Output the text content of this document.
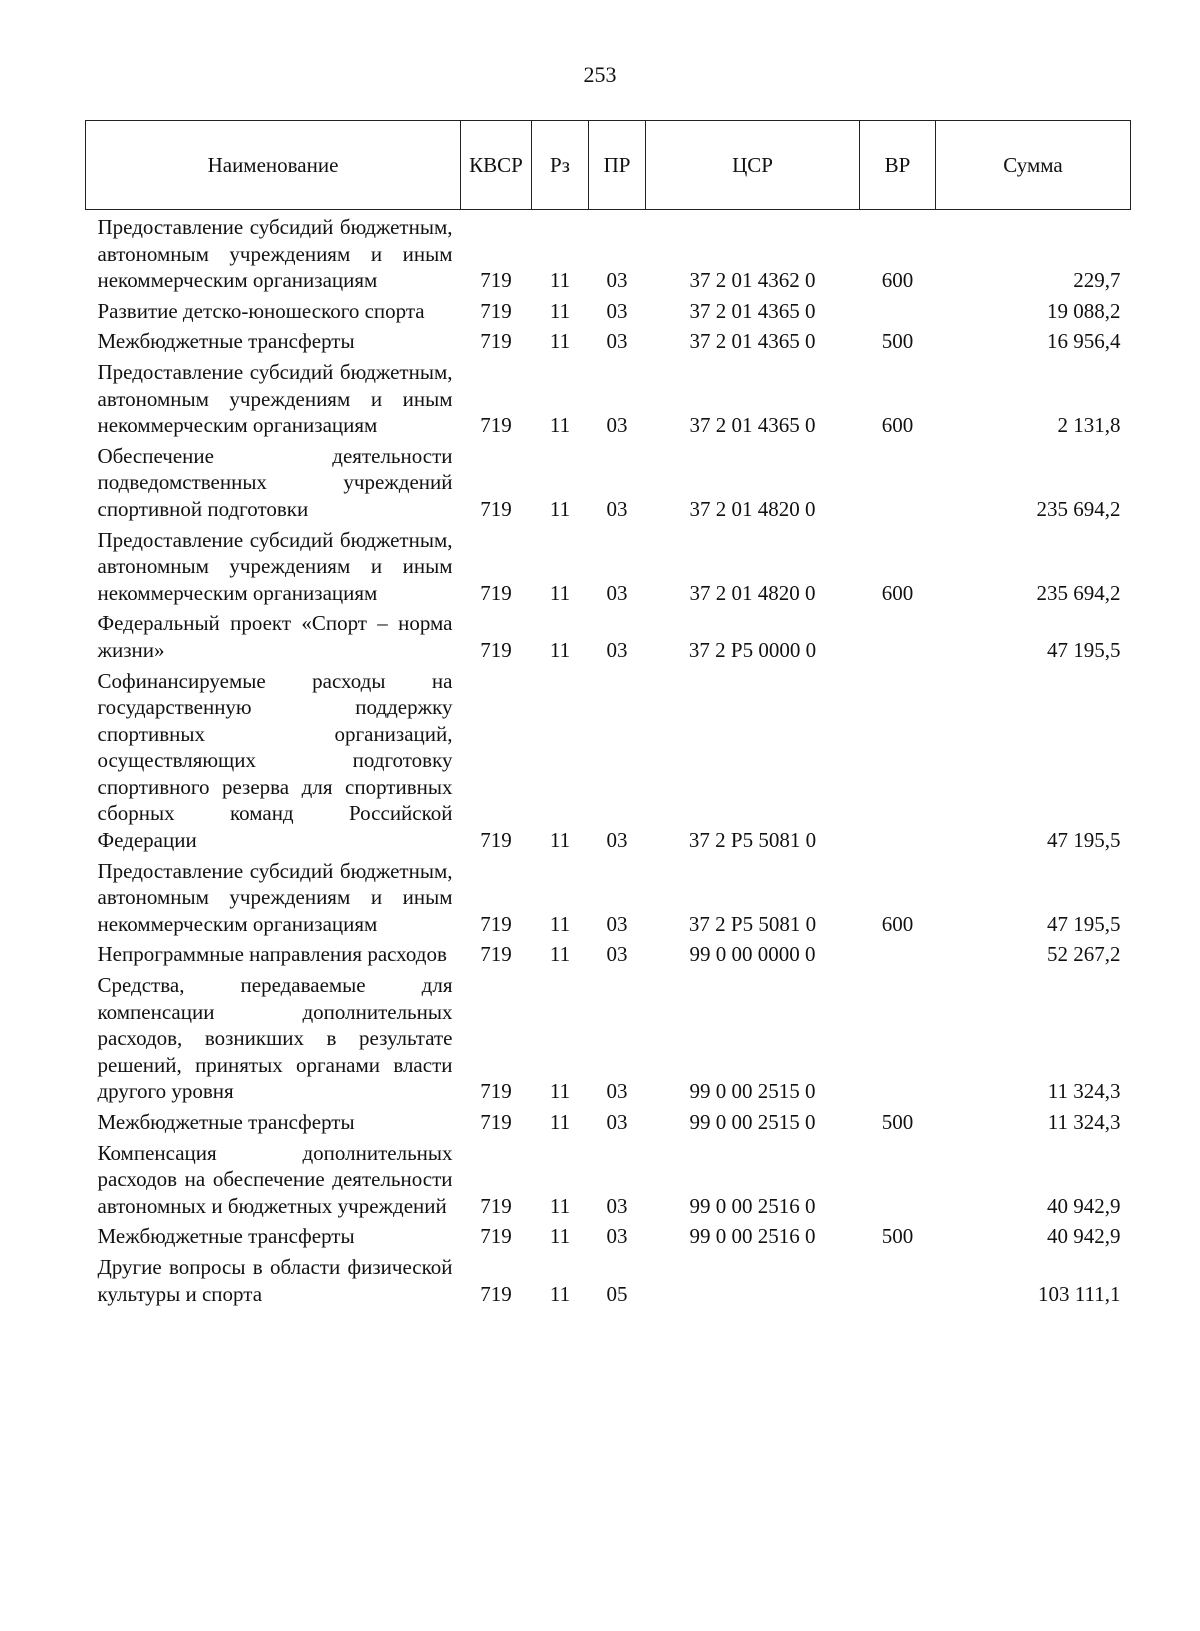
253
Наименование	КВСР	Рз	ПР	ЦСР	ВР	Сумма
Предоставление субсидий бюджетным, автономным учреждениям и иным некоммерческим организациям	719	11	03	37 2 01 4362 0	600	229,7
Развитие детско-юношеского спорта	719	11	03	37 2 01 4365 0		19 088,2
Межбюджетные трансферты	719	11	03	37 2 01 4365 0	500	16 956,4
Предоставление субсидий бюджетным, автономным учреждениям и иным некоммерческим организациям	719	11	03	37 2 01 4365 0	600	2 131,8
Обеспечение деятельности подведомственных учреждений спортивной подготовки	719	11	03	37 2 01 4820 0		235 694,2
Предоставление субсидий бюджетным, автономным учреждениям и иным некоммерческим организациям	719	11	03	37 2 01 4820 0	600	235 694,2
Федеральный проект «Спорт – норма жизни»	719	11	03	37 2 P5 0000 0		47 195,5
Софинансируемые расходы на государственную поддержку спортивных организаций, осуществляющих подготовку спортивного резерва для спортивных сборных команд Российской Федерации	719	11	03	37 2 P5 5081 0		47 195,5
Предоставление субсидий бюджетным, автономным учреждениям и иным некоммерческим организациям	719	11	03	37 2 P5 5081 0	600	47 195,5
Непрограммные направления расходов	719	11	03	99 0 00 0000 0		52 267,2
Средства, передаваемые для компенсации дополнительных расходов, возникших в результате решений, принятых органами власти другого уровня	719	11	03	99 0 00 2515 0		11 324,3
Межбюджетные трансферты	719	11	03	99 0 00 2515 0	500	11 324,3
Компенсация дополнительных расходов на обеспечение деятельности автономных и бюджетных учреждений	719	11	03	99 0 00 2516 0		40 942,9
Межбюджетные трансферты	719	11	03	99 0 00 2516 0	500	40 942,9
Другие вопросы в области физической культуры и спорта	719	11	05			103 111,1
